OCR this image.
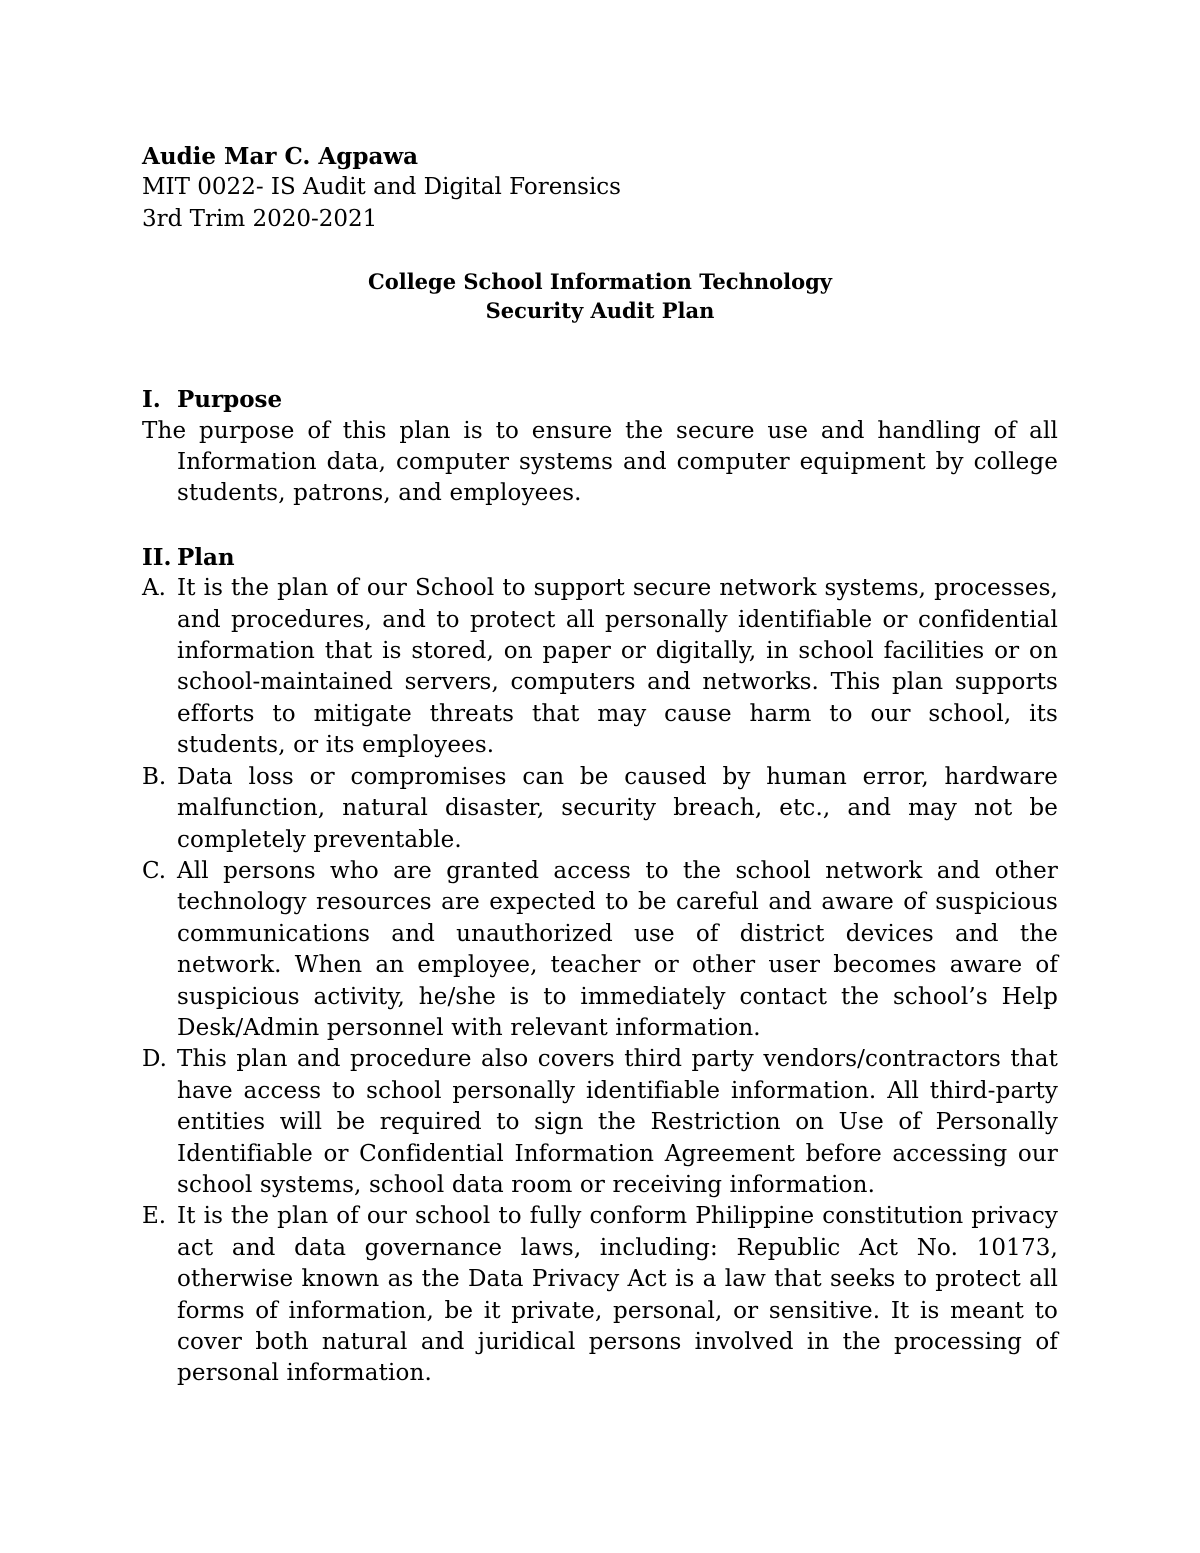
Audie Mar C. Agpawa

MIT 0022- IS Audit and Digital Forensics

3rd Trim 2020-2021

College School Information Technology
Security Audit Plan
I. Purpose

The purpose of this plan is to ensure the secure use and handling of all Information data, computer systems and computer equipment by college students, patrons, and employees.

II. Plan
A. It is the plan of our School to support secure network systems, processes, and procedures, and to protect all personally identifiable or confidential information that is stored, on paper or digitally, in school facilities or on school-maintained servers, computers and networks. This plan supports efforts to mitigate threats that may cause harm to our school, its students, or its employees.
B. Data loss or compromises can be caused by human error, hardware malfunction, natural disaster, security breach, etc., and may not be completely preventable.
C. All persons who are granted access to the school network and other technology resources are expected to be careful and aware of suspicious communications and unauthorized use of district devices and the network. When an employee, teacher or other user becomes aware of suspicious activity, he/she is to immediately contact the school’s Help Desk/Admin personnel with relevant information.
D. This plan and procedure also covers third party vendors/contractors that have access to school personally identifiable information. All third-party entities will be required to sign the Restriction on Use of Personally Identifiable or Confidential Information Agreement before accessing our school systems, school data room or receiving information.
E. It is the plan of our school to fully conform Philippine constitution privacy act and data governance laws, including: Republic Act No. 10173, otherwise known as the Data Privacy Act is a law that seeks to protect all forms of information, be it private, personal, or sensitive. It is meant to cover both natural and juridical persons involved in the processing of personal information.
